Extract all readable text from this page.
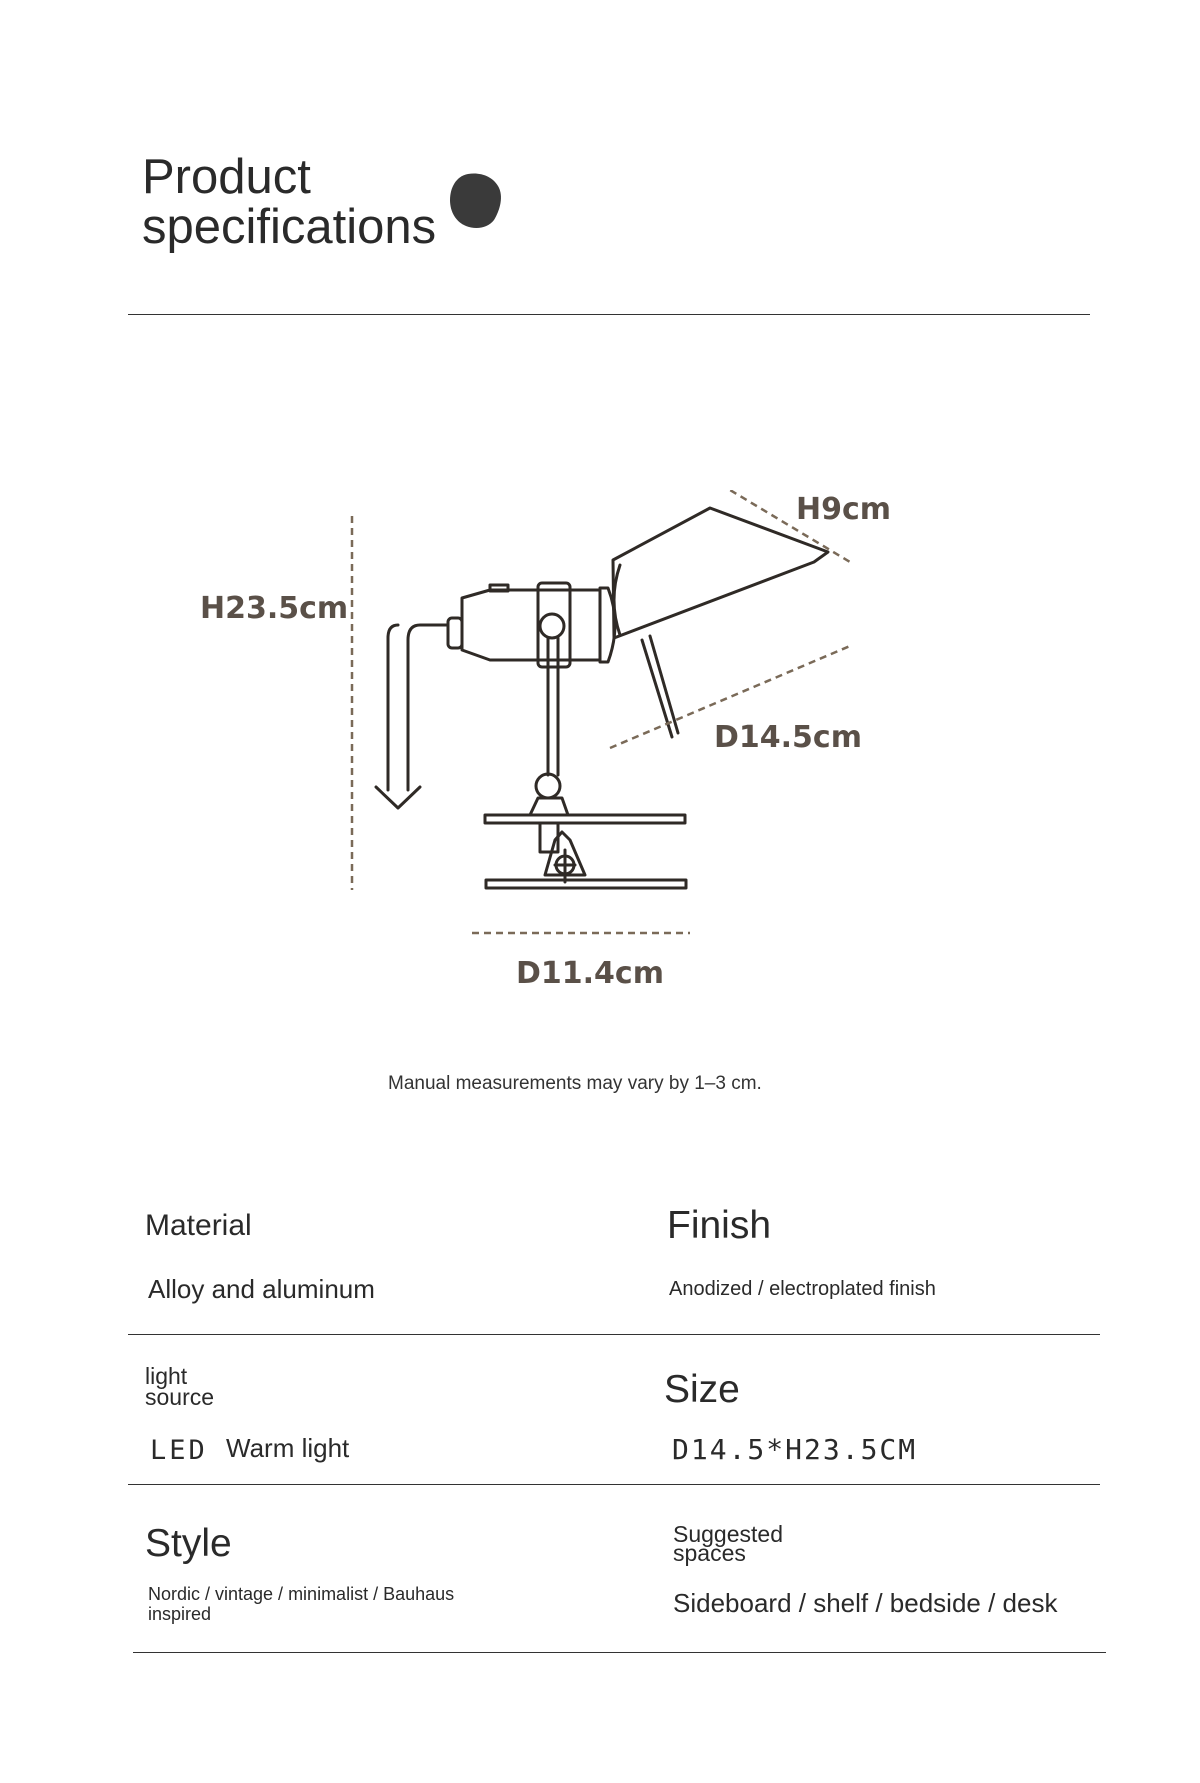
Product
specifications
H23.5cm
H9cm
D14.5cm
D11.4cm
Manual measurements may vary by 1–3 cm.
Material
Alloy and aluminum
Finish
Anodized / electroplated finish
light
source
LED Warm light
Size
D14.5*H23.5CM
Style
Nordic / vintage / minimalist / Bauhaus
inspired
Suggested
spaces
Sideboard / shelf / bedside / desk
